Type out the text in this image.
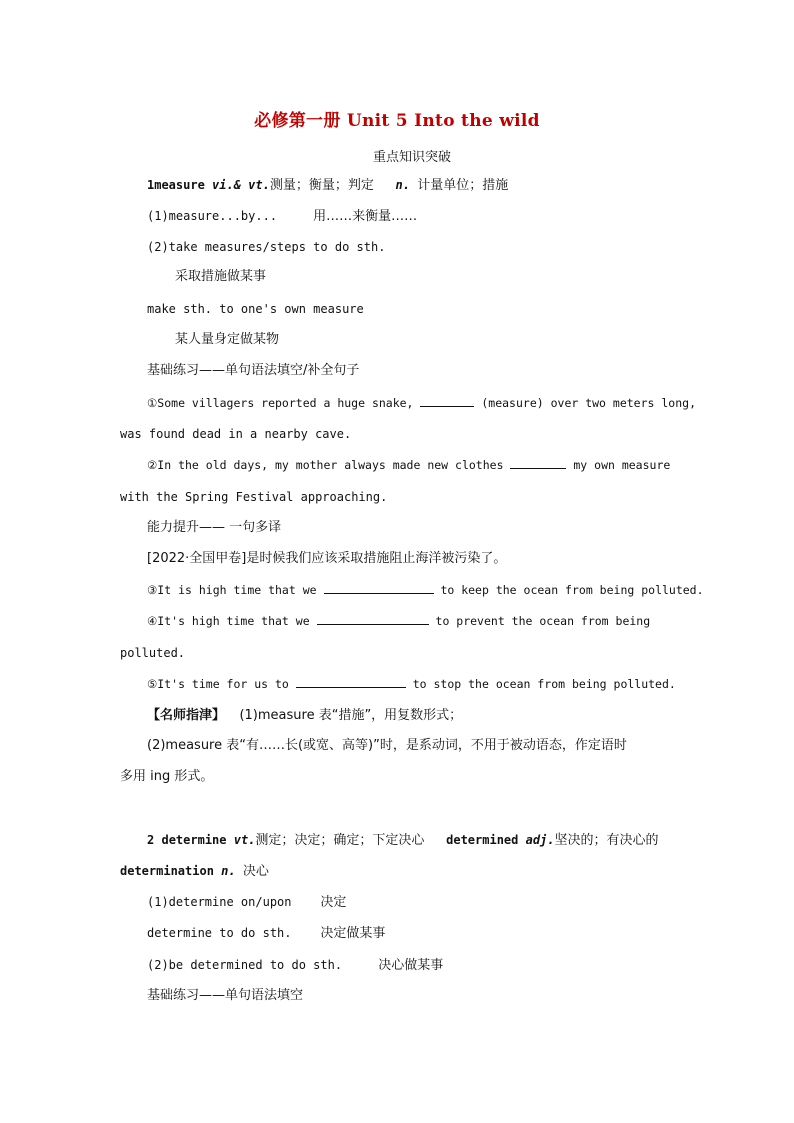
必修第一册 Unit 5 Into the wild
重点知识突破
1measure vi.& vt.测量；衡量；判定 n. 计量单位；措施
(1)measure...by...	用……来衡量……
(2)take measures/steps to do sth.
采取措施做某事
make sth. to one's own measure
某人量身定做某物
基础练习——单句语法填空/补全句子
①Some villagers reported a huge snake,	(measure) over two meters long,
was found dead in a nearby cave.
②In the old days, my mother always made new clothes	my own measure
with the Spring Festival approaching.
能力提升—— 一句多译
[2022·全国甲卷]是时候我们应该采取措施阻止海洋被污染了。
③It is high time that we	to keep the ocean from being polluted.
④It's high time that we	to prevent the ocean from being
polluted.
⑤It's time for us to	to stop the ocean from being polluted.
【名师指津】 (1)measure 表“措施”，用复数形式；
(2)measure 表“有……长(或宽、高等)”时，是系动词，不用于被动语态，作定语时
多用 ing 形式。
2 determine vt.测定；决定；确定；下定决心 determined adj.坚决的；有决心的
determination n. 决心
(1)determine on/upon 决定
determine to do sth. 决定做某事
(2)be determined to do sth.	决心做某事
基础练习——单句语法填空
